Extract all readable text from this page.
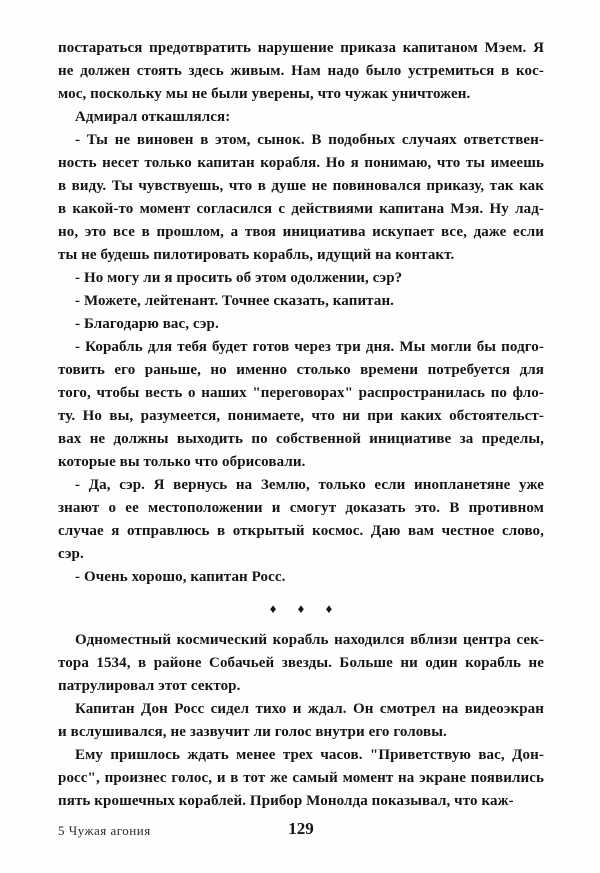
постараться предотвратить нарушение приказа капитаном Мэем. Я
не должен стоять здесь живым. Нам надо было устремиться в кос-
мос, поскольку мы не были уверены, что чужак уничтожен.
Адмирал откашлялся:
- Ты не виновен в этом, сынок. В подобных случаях ответствен-
ность несет только капитан корабля. Но я понимаю, что ты имеешь
в виду. Ты чувствуешь, что в душе не повиновался приказу, так как
в какой-то момент согласился с действиями капитана Мэя. Ну лад-
но, это все в прошлом, а твоя инициатива искупает все, даже если
ты не будешь пилотировать корабль, идущий на контакт.
- Но могу ли я просить об этом одолжении, сэр?
- Можете, лейтенант. Точнее сказать, капитан.
- Благодарю вас, сэр.
- Корабль для тебя будет готов через три дня. Мы могли бы подго-
товить его раньше, но именно столько времени потребуется для
того, чтобы весть о наших "переговорах" распространилась по фло-
ту. Но вы, разумеется, понимаете, что ни при каких обстоятельст-
вах не должны выходить по собственной инициативе за пределы,
которые вы только что обрисовали.
- Да, сэр. Я вернусь на Землю, только если инопланетяне уже
знают о ее местоположении и смогут доказать это. В противном
случае я отправлюсь в открытый космос. Даю вам честное слово,
сэр.
- Очень хорошо, капитан Росс.
♦ ♦ ♦
Одноместный космический корабль находился вблизи центра сек-
тора 1534, в районе Собачьей звезды. Больше ни один корабль не
патрулировал этот сектор.
Капитан Дон Росс сидел тихо и ждал. Он смотрел на видеоэкран
и вслушивался, не зазвучит ли голос внутри его головы.
Ему пришлось ждать менее трех часов. "Приветствую вас, Дон-
росс", произнес голос, и в тот же самый момент на экране появились
пять крошечных кораблей. Прибор Монолда показывал, что каж-
5 Чужая агония	129
